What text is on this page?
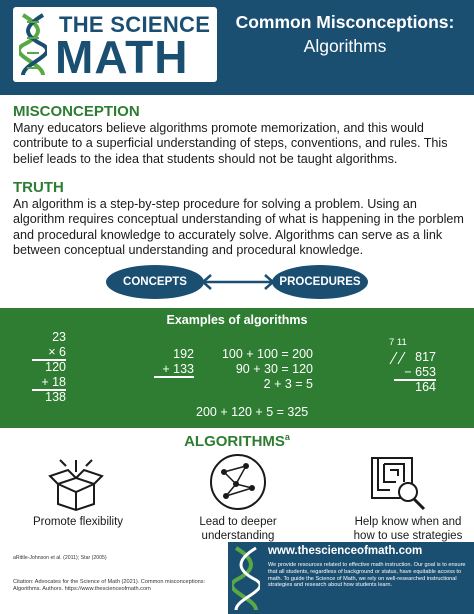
THE SCIENCE OF
MATH
Common Misconceptions:
Algorithms
MISCONCEPTION
Many educators believe algorithms promote memorization, and this would contribute to a superficial understanding of steps, conventions, and rules. This belief leads to the idea that students should not be taught algorithms.
TRUTH
An algorithm is a step-by-step procedure for solving a problem. Using an algorithm requires conceptual understanding of what is happening in the porblem and procedural knowledge to accurately solve. Algorithms can serve as a link between conceptual understanding and procedural knowledge.
CONCEPTS	PROCEDURES
Examples of algorithms
23
× 6
120
+ 18
138
192
+ 133
100 + 100 = 200
90 + 30 = 120
2 + 3 = 5
200 + 120 + 5 = 325
7 11
817
− 653
164
ALGORITHMS$^a$
Promote flexibility	Lead to deeper understanding
Help know when and how to use strategies
aRittle-Johnson et al. (2011); Star (2005)
Citation: Advocates for the Science of Math (2021). Common misconceptions: Algorithms. Authors. https://www.thescienceofmath.com
www.thescienceofmath.com
We provide resources related to effective math instruction. Our goal is to ensure that all students, regardless of background or status, have equitable access to math. To guide the Science of Math, we rely on well-researched instructional strategies and research about how students learn.
